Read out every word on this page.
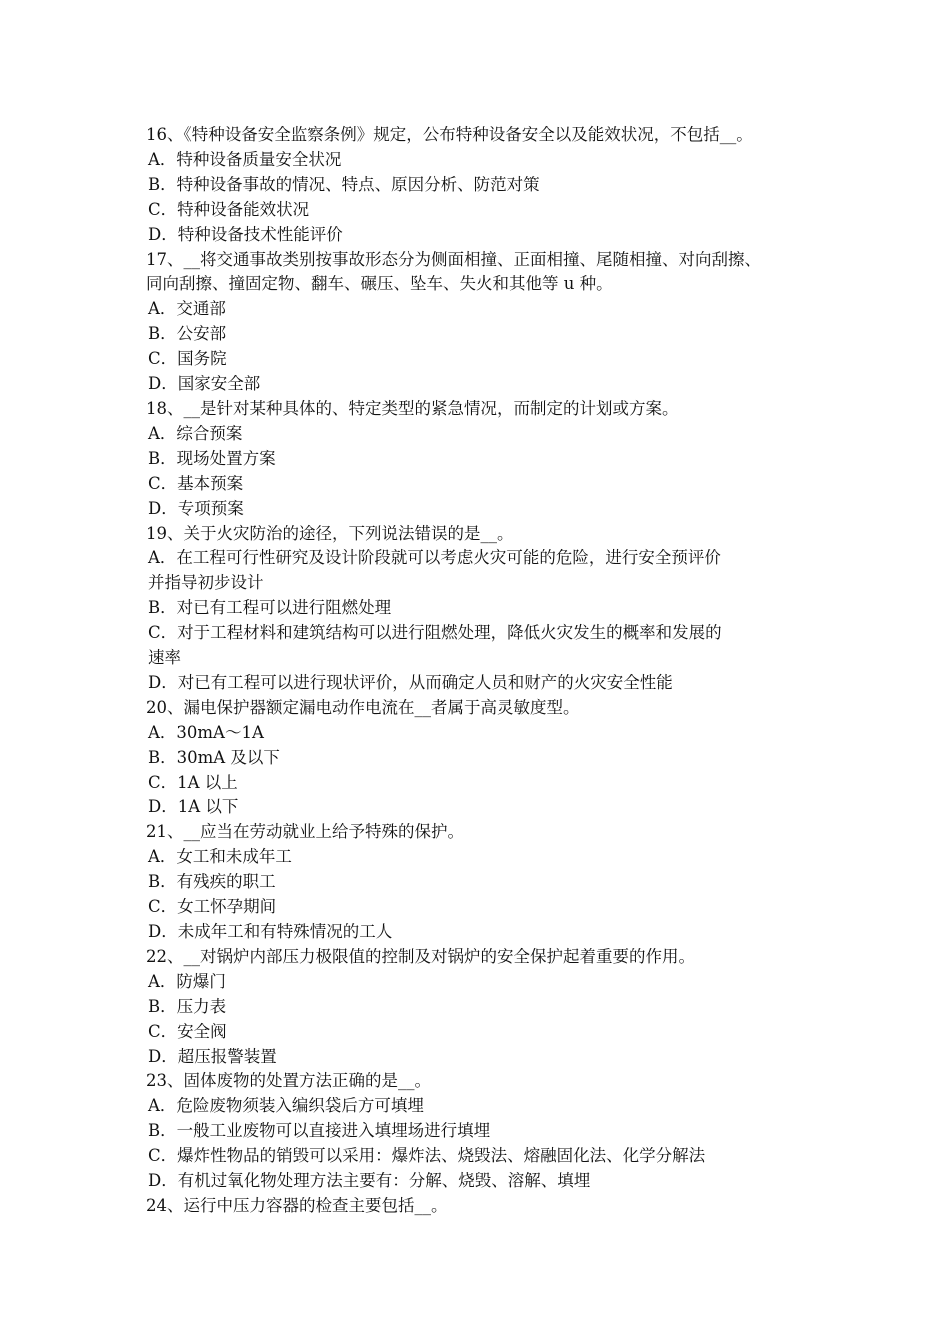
16、《特种设备安全监察条例》规定，公布特种设备安全以及能效状况，不包括__。
A．特种设备质量安全状况
B．特种设备事故的情况、特点、原因分析、防范对策
C．特种设备能效状况
D．特种设备技术性能评价
17、__将交通事故类别按事故形态分为侧面相撞、正面相撞、尾随相撞、对向刮擦、
同向刮擦、撞固定物、翻车、碾压、坠车、失火和其他等 u 种。
A．交通部
B．公安部
C．国务院
D．国家安全部
18、__是针对某种具体的、特定类型的紧急情况，而制定的计划或方案。
A．综合预案
B．现场处置方案
C．基本预案
D．专项预案
19、关于火灾防治的途径，下列说法错误的是__。
A．在工程可行性研究及设计阶段就可以考虑火灾可能的危险，进行安全预评价
并指导初步设计
B．对已有工程可以进行阻燃处理
C．对于工程材料和建筑结构可以进行阻燃处理，降低火灾发生的概率和发展的
速率
D．对已有工程可以进行现状评价，从而确定人员和财产的火灾安全性能
20、漏电保护器额定漏电动作电流在__者属于高灵敏度型。
A．30mA～1A
B．30mA 及以下
C．1A 以上
D．1A 以下
21、__应当在劳动就业上给予特殊的保护。
A．女工和未成年工
B．有残疾的职工
C．女工怀孕期间
D．未成年工和有特殊情况的工人
22、__对锅炉内部压力极限值的控制及对锅炉的安全保护起着重要的作用。
A．防爆门
B．压力表
C．安全阀
D．超压报警装置
23、固体废物的处置方法正确的是__。
A．危险废物须装入编织袋后方可填埋
B．一般工业废物可以直接进入填埋场进行填埋
C．爆炸性物品的销毁可以采用：爆炸法、烧毁法、熔融固化法、化学分解法
D．有机过氧化物处理方法主要有：分解、烧毁、溶解、填埋
24、运行中压力容器的检查主要包括__。
